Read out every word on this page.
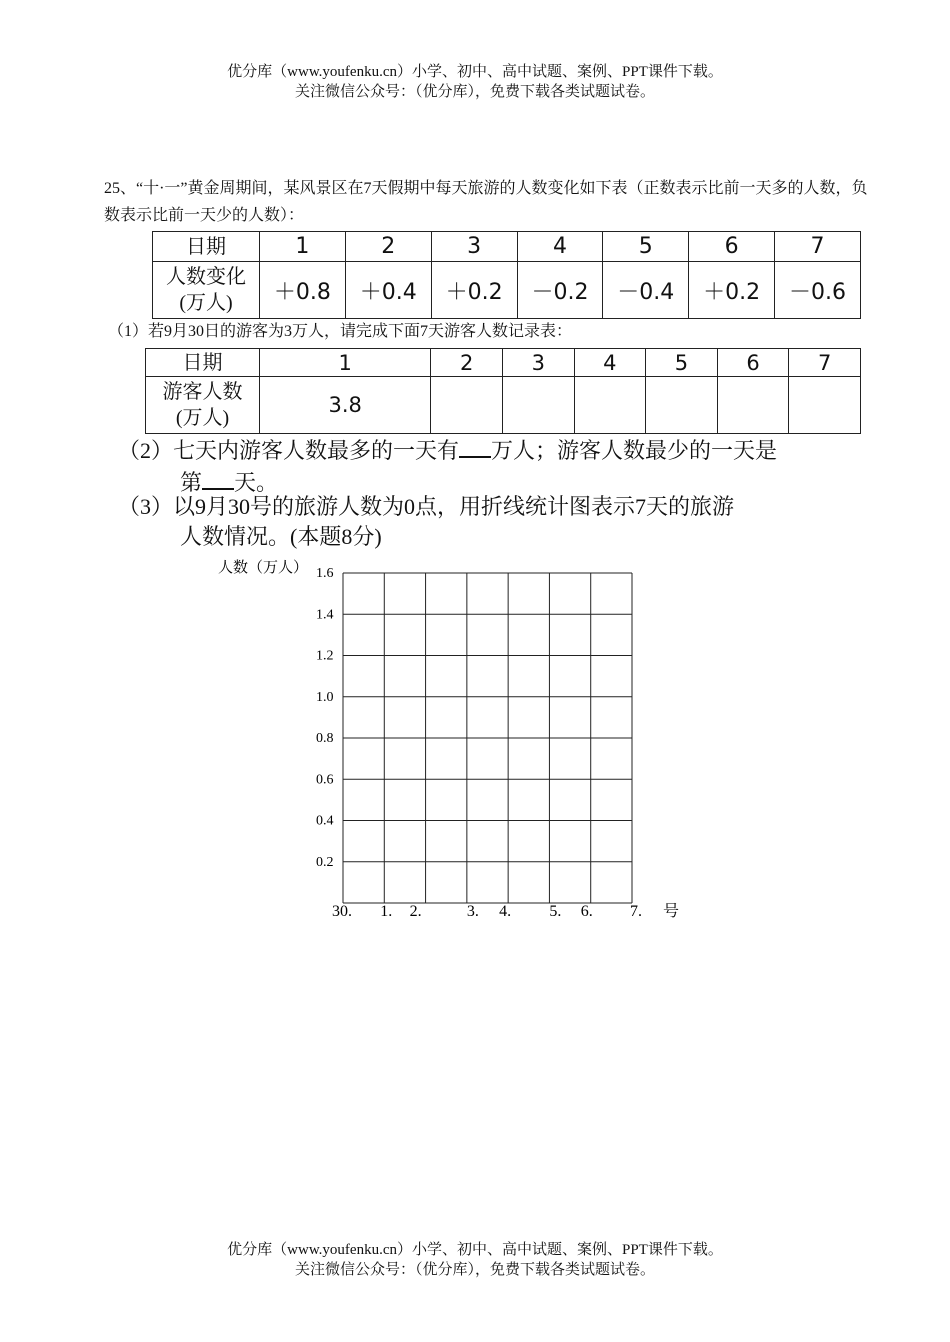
优分库（www.youfenku.cn）小学、初中、高中试题、案例、PPT课件下载。
关注微信公众号：（优分库），免费下载各类试题试卷。
25、“十·一”黄金周期间，某风景区在7天假期中每天旅游的人数变化如下表（正数表示比前一天多的人数，负数表示比前一天少的人数）：
日期	1	2	3	4	5	6	7
人数变化
(万人)	＋0.8	＋0.4	＋0.2	－0.2	－0.4	＋0.2	－0.6
（1）若9月30日的游客为3万人，请完成下面7天游客人数记录表：
日期	1	2	3	4	5	6	7
游客人数
(万人)	3.8						
（2）七天内游客人数最多的一天有 万人；游客人数最少的一天是
第 天。
（3）以9月30号的旅游人数为0点，用折线统计图表示7天的旅游
人数情况。(本题8分)
人数（万人）
0.2
0.4
0.6
0.8
1.0
1.2
1.4
1.6
30. 1. 2.	3. 4. 5. 6. 7. 号
优分库（www.youfenku.cn）小学、初中、高中试题、案例、PPT课件下载。
关注微信公众号：（优分库），免费下载各类试题试卷。
